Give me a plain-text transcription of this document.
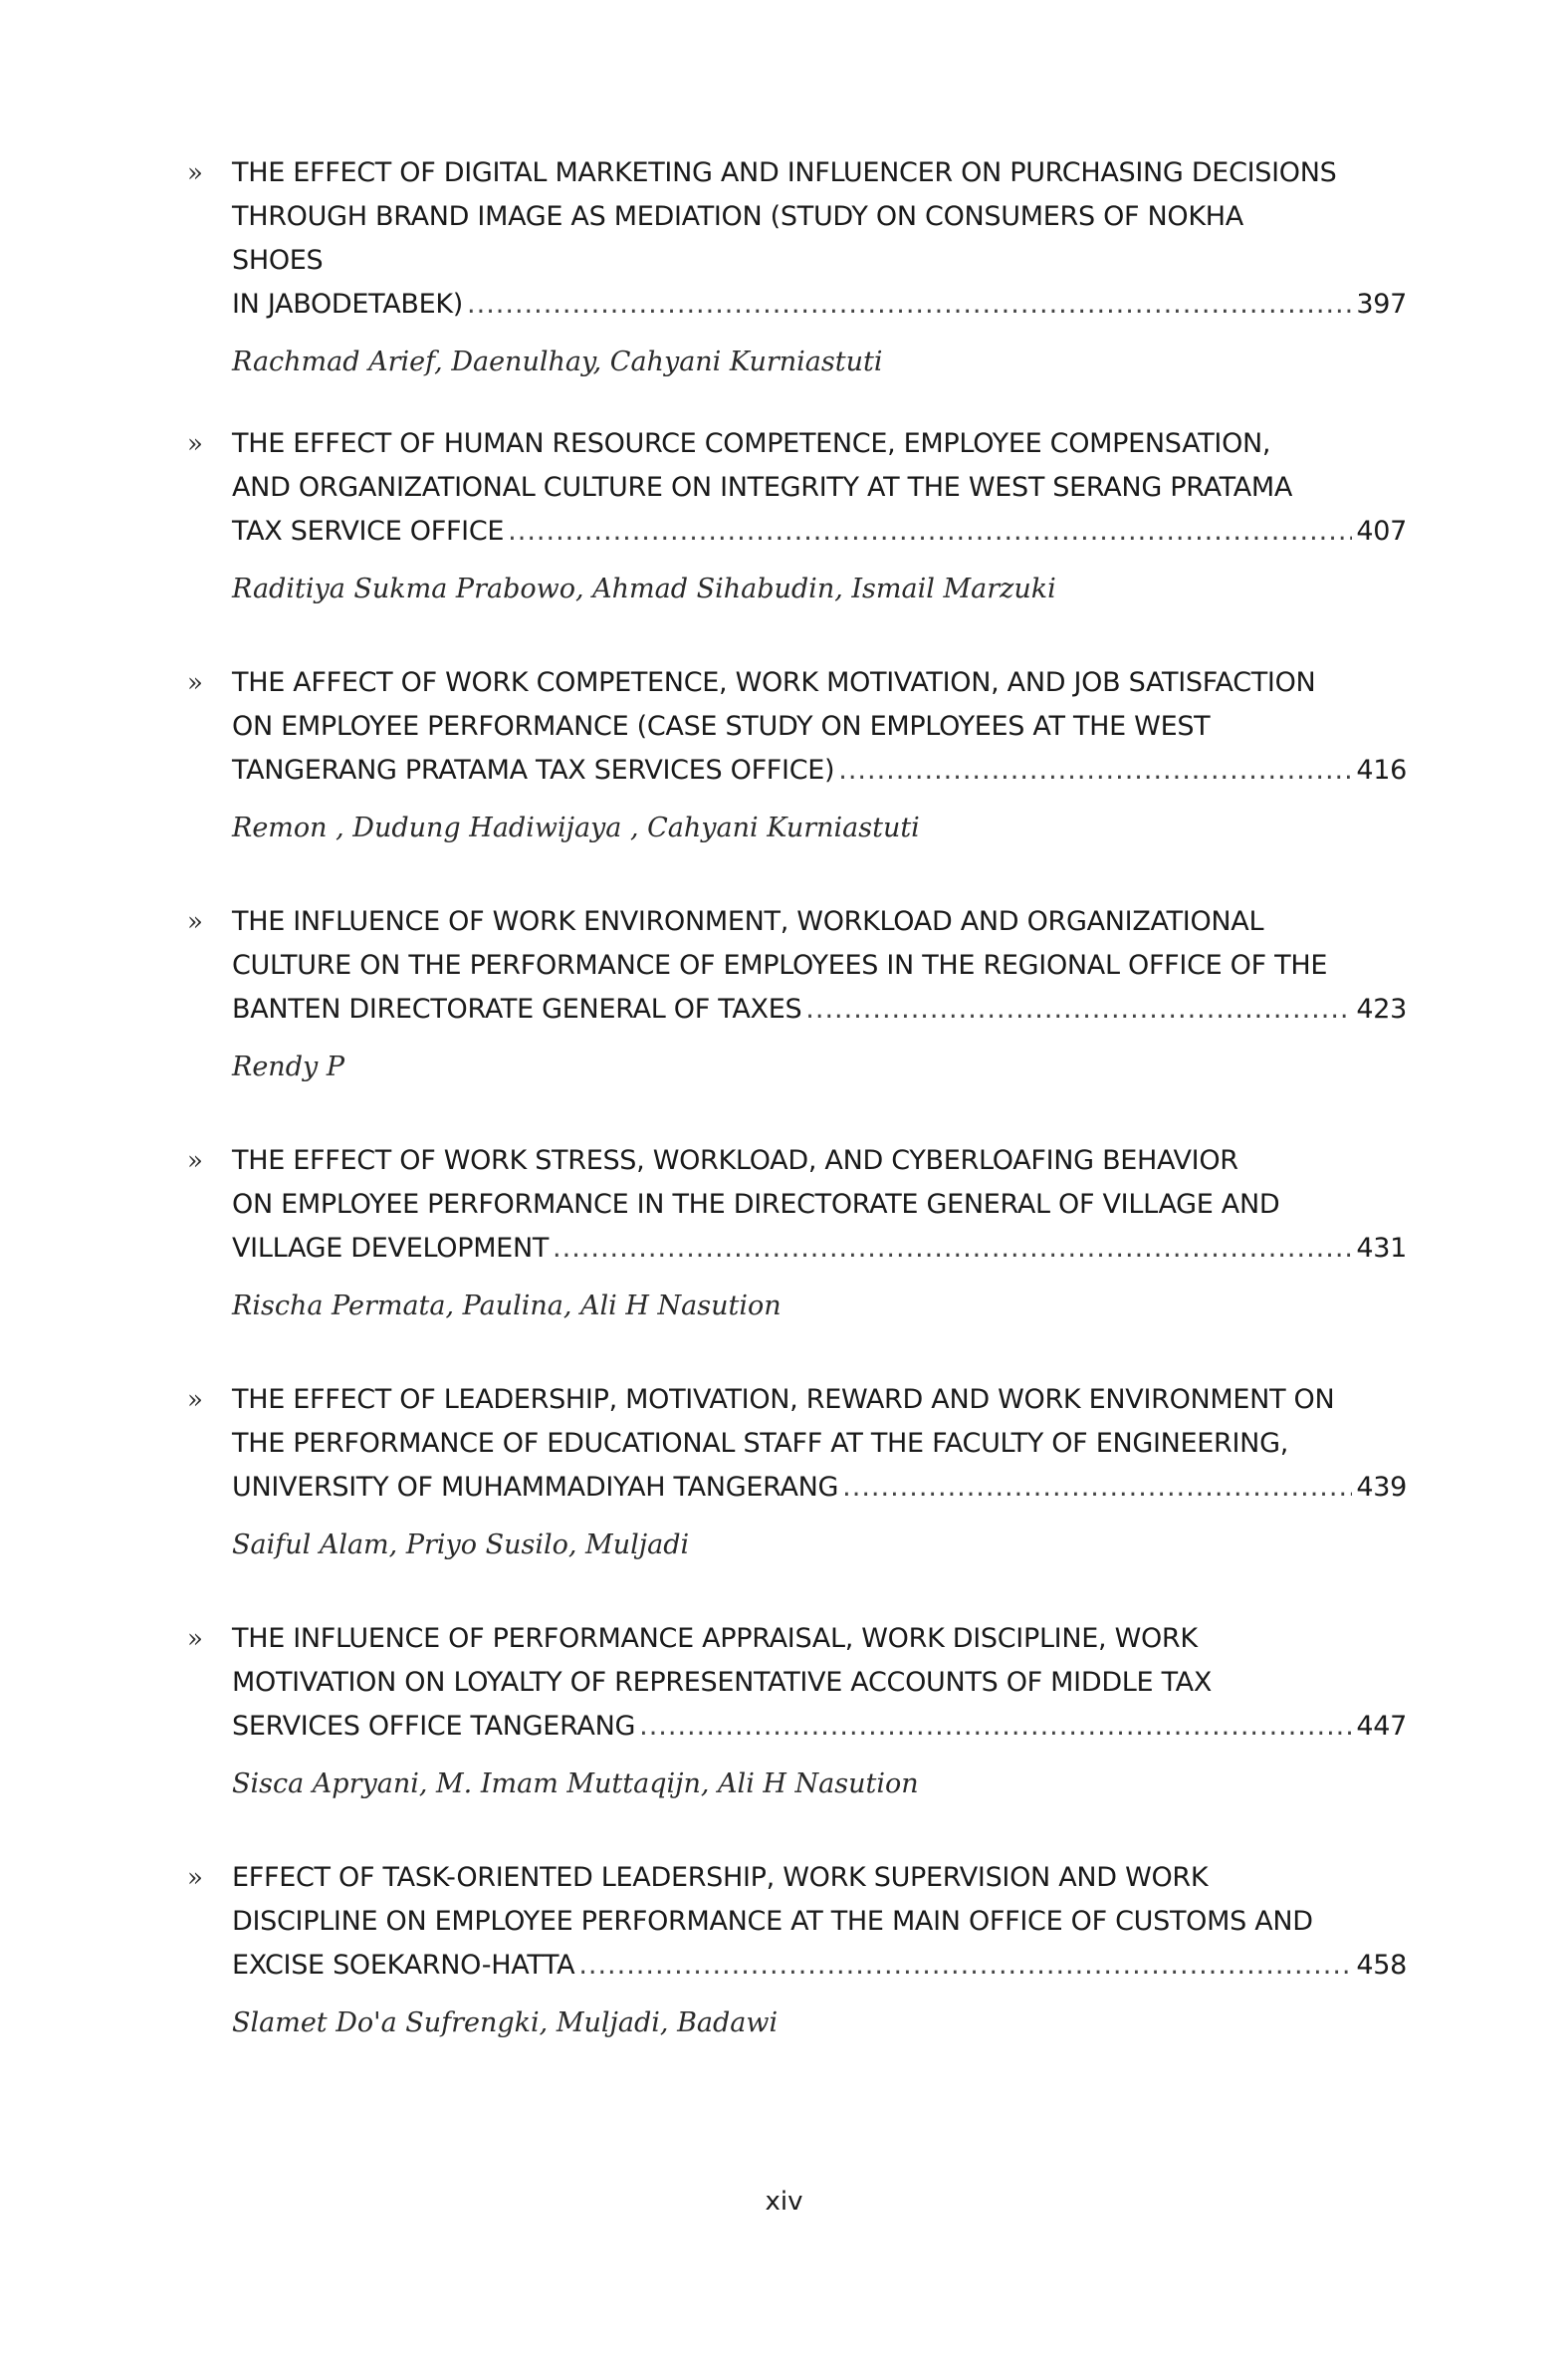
» THE EFFECT OF DIGITAL MARKETING AND INFLUENCER ON PURCHASING DECISIONS
THROUGH BRAND IMAGE AS MEDIATION (STUDY ON CONSUMERS OF NOKHA
SHOES
IN JABODETABEK) .....	397
Rachmad Arief, Daenulhay, Cahyani Kurniastuti
» THE EFFECT OF HUMAN RESOURCE COMPETENCE, EMPLOYEE COMPENSATION,
AND ORGANIZATIONAL CULTURE ON INTEGRITY AT THE WEST SERANG PRATAMA
TAX SERVICE OFFICE .....	407
Raditiya Sukma Prabowo, Ahmad Sihabudin, Ismail Marzuki
» THE AFFECT OF WORK COMPETENCE, WORK MOTIVATION, AND JOB SATISFACTION
ON EMPLOYEE PERFORMANCE (CASE STUDY ON EMPLOYEES AT THE WEST
TANGERANG PRATAMA TAX SERVICES OFFICE) .....	416
Remon , Dudung Hadiwijaya , Cahyani Kurniastuti
» THE INFLUENCE OF WORK ENVIRONMENT, WORKLOAD AND ORGANIZATIONAL
CULTURE ON THE PERFORMANCE OF EMPLOYEES IN THE REGIONAL OFFICE OF THE
BANTEN DIRECTORATE GENERAL OF TAXES .....	423
Rendy P
» THE EFFECT OF WORK STRESS, WORKLOAD, AND CYBERLOAFING BEHAVIOR
ON EMPLOYEE PERFORMANCE IN THE DIRECTORATE GENERAL OF VILLAGE AND
VILLAGE DEVELOPMENT .....	431
Rischa Permata, Paulina, Ali H Nasution
» THE EFFECT OF LEADERSHIP, MOTIVATION, REWARD AND WORK ENVIRONMENT ON
THE PERFORMANCE OF EDUCATIONAL STAFF AT THE FACULTY OF ENGINEERING,
UNIVERSITY OF MUHAMMADIYAH TANGERANG .....	439
Saiful Alam, Priyo Susilo, Muljadi
» THE INFLUENCE OF PERFORMANCE APPRAISAL, WORK DISCIPLINE, WORK
MOTIVATION ON LOYALTY OF REPRESENTATIVE ACCOUNTS OF MIDDLE TAX
SERVICES OFFICE TANGERANG .....	447
Sisca Apryani, M. Imam Muttaqijn, Ali H Nasution
» EFFECT OF TASK-ORIENTED LEADERSHIP, WORK SUPERVISION AND WORK
DISCIPLINE ON EMPLOYEE PERFORMANCE AT THE MAIN OFFICE OF CUSTOMS AND
EXCISE SOEKARNO-HATTA .....	458
Slamet Do'a Sufrengki, Muljadi, Badawi
xiv
